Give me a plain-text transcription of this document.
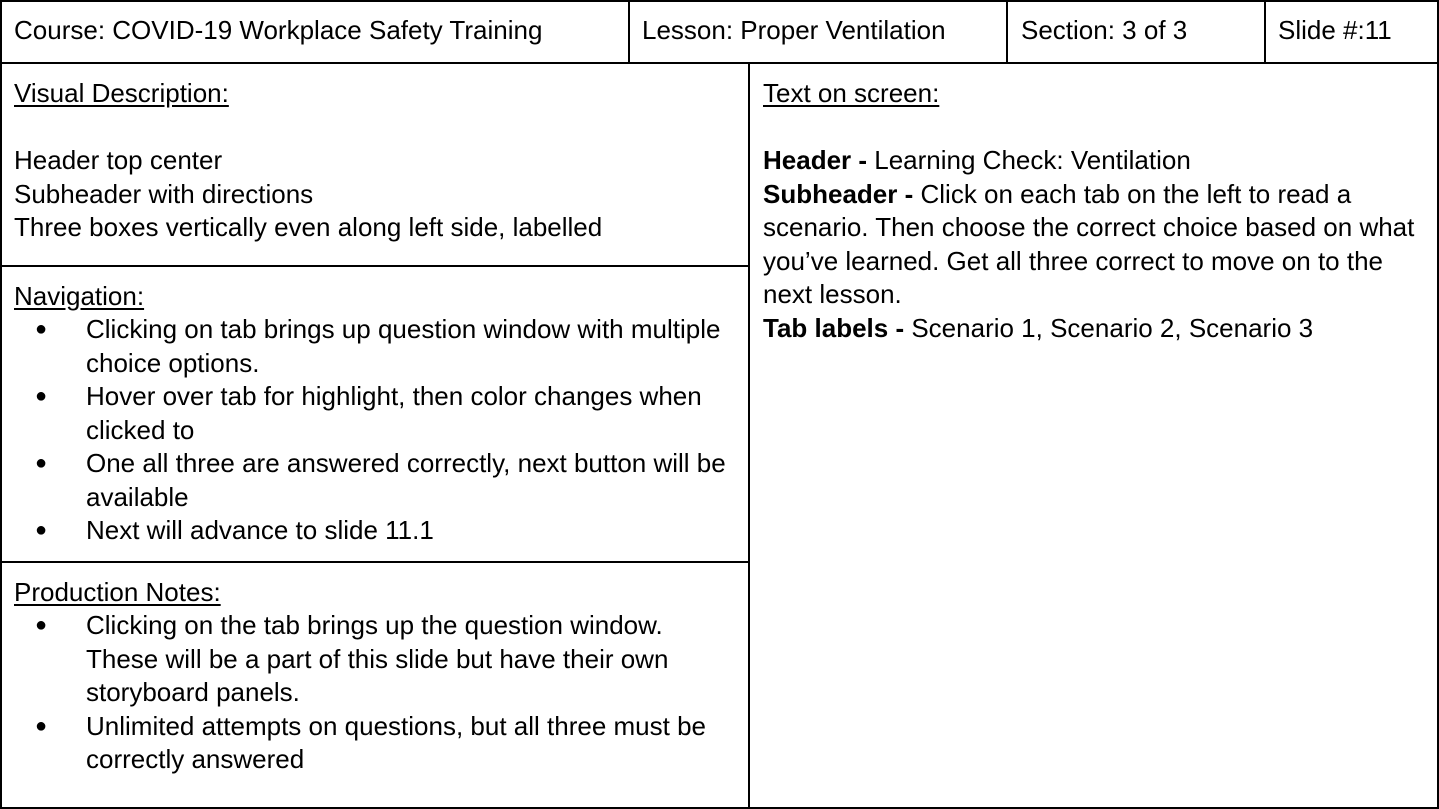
Course: COVID-19 Workplace Safety Training	Lesson: Proper Ventilation	Section: 3 of 3	Slide #:11
Visual Description:

Header top center
Subheader with directions
Three boxes vertically even along left side, labelled
Navigation:
● Clicking on tab brings up question window with multiple choice options.
● Hover over tab for highlight, then color changes when clicked to
● One all three are answered correctly, next button will be available
● Next will advance to slide 11.1
Production Notes:
● Clicking on the tab brings up the question window. These will be a part of this slide but have their own storyboard panels.
● Unlimited attempts on questions, but all three must be correctly answered
Text on screen:

Header - Learning Check: Ventilation
Subheader - Click on each tab on the left to read a scenario. Then choose the correct choice based on what you’ve learned. Get all three correct to move on to the next lesson.
Tab labels - Scenario 1, Scenario 2, Scenario 3
